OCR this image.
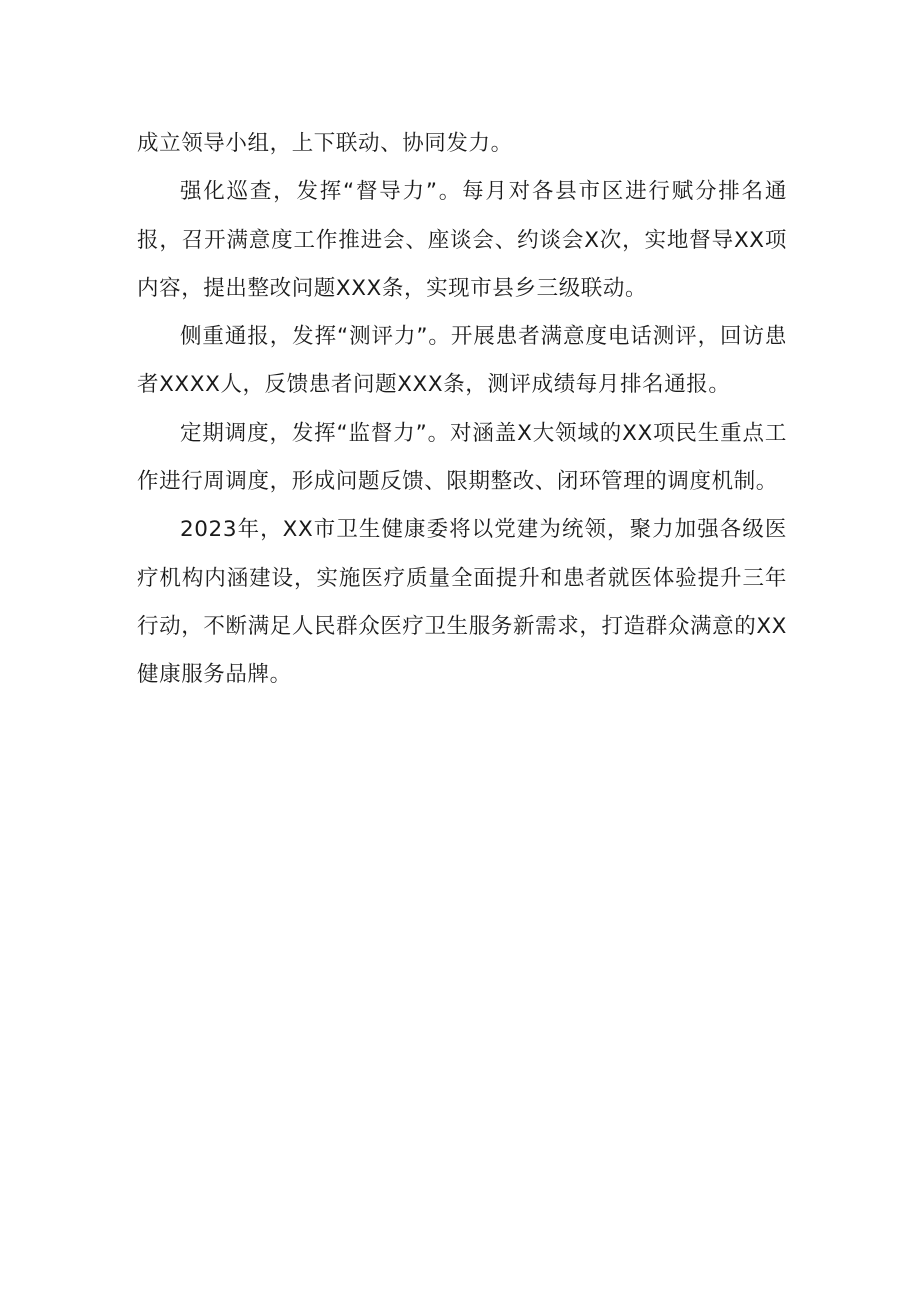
成立领导小组，上下联动、协同发力。

强化巡查，发挥“督导力”。每月对各县市区进行赋分排名通报，召开满意度工作推进会、座谈会、约谈会X次，实地督导XX项内容，提出整改问题XXX条，实现市县乡三级联动。

侧重通报，发挥“测评力”。开展患者满意度电话测评，回访患者XXXX人，反馈患者问题XXX条，测评成绩每月排名通报。

定期调度，发挥“监督力”。对涵盖X大领域的XX项民生重点工作进行周调度，形成问题反馈、限期整改、闭环管理的调度机制。

2023年，XX市卫生健康委将以党建为统领，聚力加强各级医疗机构内涵建设，实施医疗质量全面提升和患者就医体验提升三年行动，不断满足人民群众医疗卫生服务新需求，打造群众满意的XX健康服务品牌。
